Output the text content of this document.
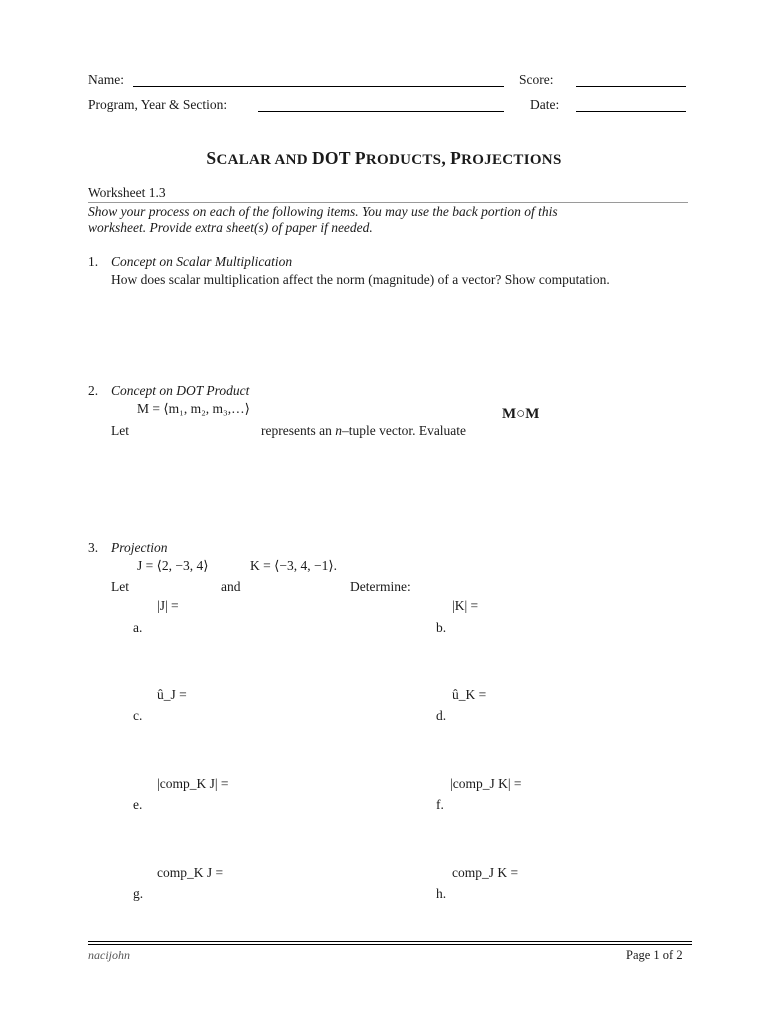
Name:	Score:
Program, Year & Section:	Date:
SCALAR AND DOT PRODUCTS, PROJECTIONS
Worksheet 1.3
Show your process on each of the following items. You may use the back portion of this
worksheet. Provide extra sheet(s) of paper if needed.
1. Concept on Scalar Multiplication
How does scalar multiplication affect the norm (magnitude) of a vector? Show computation.
2. Concept on DOT Product
M = ⟨m₁, m₂, m₃,…⟩
Let	represents an n–tuple vector. Evaluate
M○M
3. Projection
J = ⟨2, −3, 4⟩	K = ⟨−3, 4, −1⟩.
Let	and	Determine:
|J| =
a.
|K| =
b.
û_J =
c.
û_K =
d.
|comp_K J| =
e.
|comp_J K| =
f.
comp_K J =
g.
comp_J K =
h.
nacijohn	Page 1 of 2
